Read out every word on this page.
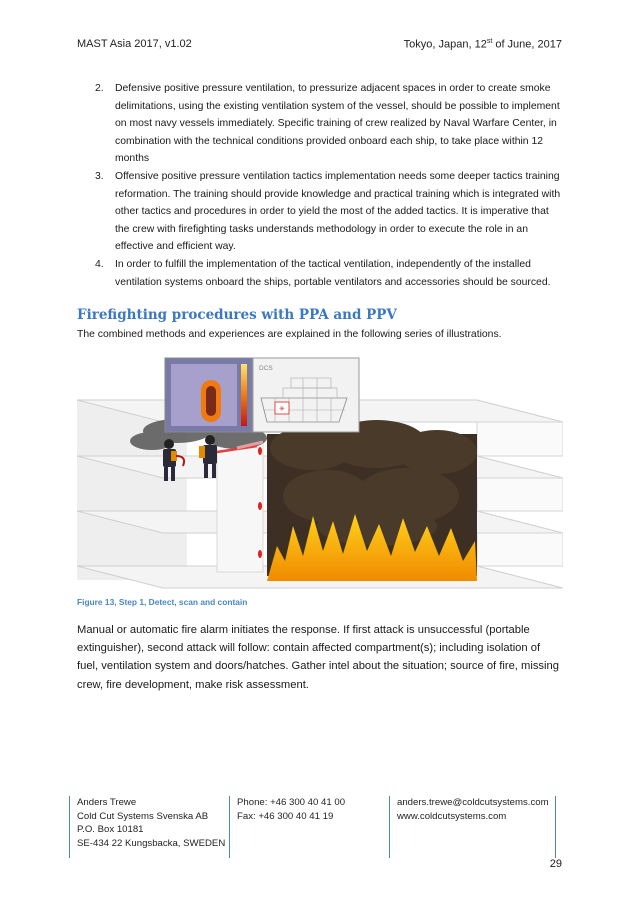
MAST Asia 2017, v1.02	Tokyo, Japan, 12st of June, 2017
2. Defensive positive pressure ventilation, to pressurize adjacent spaces in order to create smoke delimitations, using the existing ventilation system of the vessel, should be possible to implement on most navy vessels immediately. Specific training of crew realized by Naval Warfare Center, in combination with the technical conditions provided onboard each ship, to take place within 12 months
3. Offensive positive pressure ventilation tactics implementation needs some deeper tactics training reformation. The training should provide knowledge and practical training which is integrated with other tactics and procedures in order to yield the most of the added tactics. It is imperative that the crew with firefighting tasks understands methodology in order to execute the role in an effective and efficient way.
4. In order to fulfill the implementation of the tactical ventilation, independently of the installed ventilation systems onboard the ships, portable ventilators and accessories should be sourced.
Firefighting procedures with PPA and PPV
The combined methods and experiences are explained in the following series of illustrations.
DCS
✳
Figure 13, Step 1, Detect, scan and contain
Manual or automatic fire alarm initiates the response. If first attack is unsuccessful (portable extinguisher), second attack will follow: contain affected compartment(s); including isolation of fuel, ventilation system and doors/hatches. Gather intel about the situation; source of fire, missing crew, fire development, make risk assessment.
Anders Trewe
Cold Cut Systems Svenska AB
P.O. Box 10181
SE-434 22 Kungsbacka, SWEDEN
Phone: +46 300 40 41 00
Fax: +46 300 40 41 19
anders.trewe@coldcutsystems.com
www.coldcutsystems.com
29
